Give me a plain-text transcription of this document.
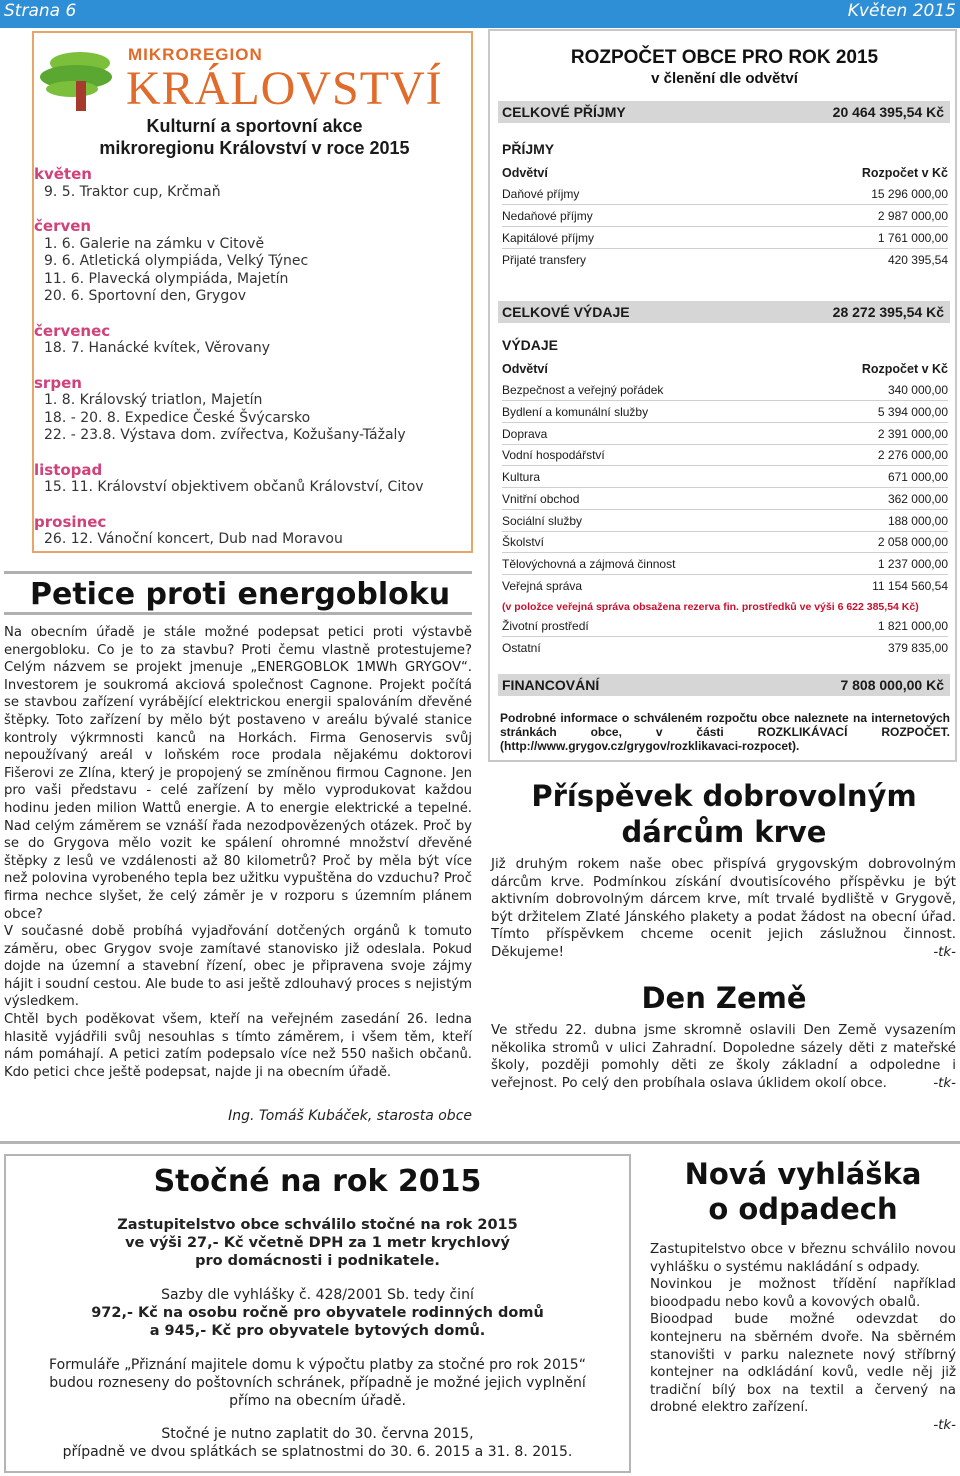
Strana 6	Květen 2015
MIKROREGION
KRÁLOVSTVÍ
Kulturní a sportovní akce
mikroregionu Království v roce 2015
květen
9. 5. Traktor cup, Krčmaň
červen
1. 6. Galerie na zámku v Citově
9. 6. Atletická olympiáda, Velký Týnec
11. 6. Plavecká olympiáda, Majetín
20. 6. Sportovní den, Grygov
červenec
18. 7. Hanácké kvítek, Věrovany
srpen
1. 8. Královský triatlon, Majetín
18. - 20. 8. Expedice České Švýcarsko
22. - 23.8. Výstava dom. zvířectva, Kožušany-Tážaly
listopad
15. 11. Království objektivem občanů Království, Citov
prosinec
26. 12. Vánoční koncert, Dub nad Moravou
Petice proti energobloku

Na obecním úřadě je stále možné podepsat petici proti výstavbě energobloku. Co je to za stavbu? Proti čemu vlastně protestujeme? Celým názvem se projekt jmenuje „ENERGOBLOK 1MWh GRYGOV“. Investorem je soukromá akciová společnost Cagnone. Projekt počítá se stavbou zařízení vyrábějící elektrickou energii spalováním dřevěné štěpky. Toto zařízení by mělo být postaveno v areálu bývalé stanice kontroly výkrmnosti kanců na Horkách. Firma Genoservis svůj nepoužívaný areál v loňském roce prodala nějakému doktorovi Fišerovi ze Zlína, který je propojený se zmíněnou firmou Cagnone. Jen pro vaši představu - celé zařízení by mělo vyprodukovat každou hodinu jeden milion Wattů energie. A to energie elektrické a tepelné. Nad celým záměrem se vznáší řada nezodpovězených otázek. Proč by se do Grygova mělo vozit ke spálení ohromné množství dřevěné štěpky z lesů ve vzdálenosti až 80 kilometrů? Proč by měla být více než polovina vyrobeného tepla bez užitku vypuštěna do vzduchu? Proč firma nechce slyšet, že celý záměr je v rozporu s územním plánem obce?

V současné době probíhá vyjadřování dotčených orgánů k tomuto záměru, obec Grygov svoje zamítavé stanovisko již odeslala. Pokud dojde na územní a stavební řízení, obec je připravena svoje zájmy hájit i soudní cestou. Ale bude to asi ještě zdlouhavý proces s nejistým výsledkem.

Chtěl bych poděkovat všem, kteří na veřejném zasedání 26. ledna hlasitě vyjádřili svůj nesouhlas s tímto záměrem, i všem těm, kteří nám pomáhají. A petici zatím podepsalo více než 550 našich občanů. Kdo petici chce ještě podepsat, najde ji na obecním úřadě.

Ing. Tomáš Kubáček, starosta obce
ROZPOČET OBCE PRO ROK 2015
v členění dle odvětví
CELKOVÉ PŘÍJMY	20 464 395,54 Kč
PŘÍJMY
Odvětví	Rozpočet v Kč
Daňové příjmy	15 296 000,00
Nedaňové příjmy	2 987 000,00
Kapitálové příjmy	1 761 000,00
Přijaté transfery	420 395,54
CELKOVÉ VÝDAJE	28 272 395,54 Kč
VÝDAJE
Odvětví	Rozpočet v Kč
Bezpečnost a veřejný pořádek	340 000,00
Bydlení a komunální služby	5 394 000,00
Doprava	2 391 000,00
Vodní hospodářství	2 276 000,00
Kultura	671 000,00
Vnitřní obchod	362 000,00
Sociální služby	188 000,00
Školství	2 058 000,00
Tělovýchovná a zájmová činnost	1 237 000,00
Veřejná správa	11 154 560,54
(v položce veřejná správa obsažena rezerva fin. prostředků ve výši 6 622 385,54 Kč)
Životní prostředí	1 821 000,00
Ostatní	379 835,00
FINANCOVÁNÍ	7 808 000,00 Kč
Podrobné informace o schváleném rozpočtu obce naleznete na internetových stránkách obce, v části ROZKLIKÁVACÍ ROZPOČET. (http://www.grygov.cz/grygov/rozklikavaci-rozpocet).
Příspěvek dobrovolným
dárcům krve
Již druhým rokem naše obec přispívá grygovským dobrovolným dárcům krve. Podmínkou získání dvoutisícového příspěvku je být aktivním dobrovolným dárcem krve, mít trvalé bydliště v Grygově, být držitelem Zlaté Jánského plakety a podat žádost na obecní úřad. Tímto příspěvkem chceme ocenit jejich záslužnou činnost. Děkujeme!	-tk-
Den Země
Ve středu 22. dubna jsme skromně oslavili Den Země vysazením několika stromů v ulici Zahradní. Dopoledne sázely děti z mateřské školy, později pomohly děti ze školy základní a odpoledne i veřejnost. Po celý den probíhala oslava úklidem okolí obce.	-tk-

Stočné na rok 2015

Zastupitelstvo obce schválilo stočné na rok 2015

ve výši 27,- Kč včetně DPH za 1 metr krychlový

pro domácnosti i podnikatele.

Sazby dle vyhlášky č. 428/2001 Sb. tedy činí

972,- Kč na osobu ročně pro obyvatele rodinných domů

a 945,- Kč pro obyvatele bytových domů.

Formuláře „Přiznání majitele domu k výpočtu platby za stočné pro rok 2015“

budou rozneseny do poštovních schránek, případně je možné jejich vyplnění

přímo na obecním úřadě.

Stočné je nutno zaplatit do 30. června 2015,

případně ve dvou splátkách se splatnostmi do 30. 6. 2015 a 31. 8. 2015.

Nová vyhláška
o odpadech

Zastupitelstvo obce v březnu schválilo novou vyhlášku o systému nakládání s odpady.

Novinkou je možnost třídění například bioodpadu nebo kovů a kovových obalů.

Bioodpad bude možné odevzdat do kontejneru na sběrném dvoře. Na sběrném stanovišti v parku naleznete nový stříbrný kontejner na odkládání kovů, vedle něj již tradiční bílý box na textil a červený na drobné elektro zařízení.

-tk-
